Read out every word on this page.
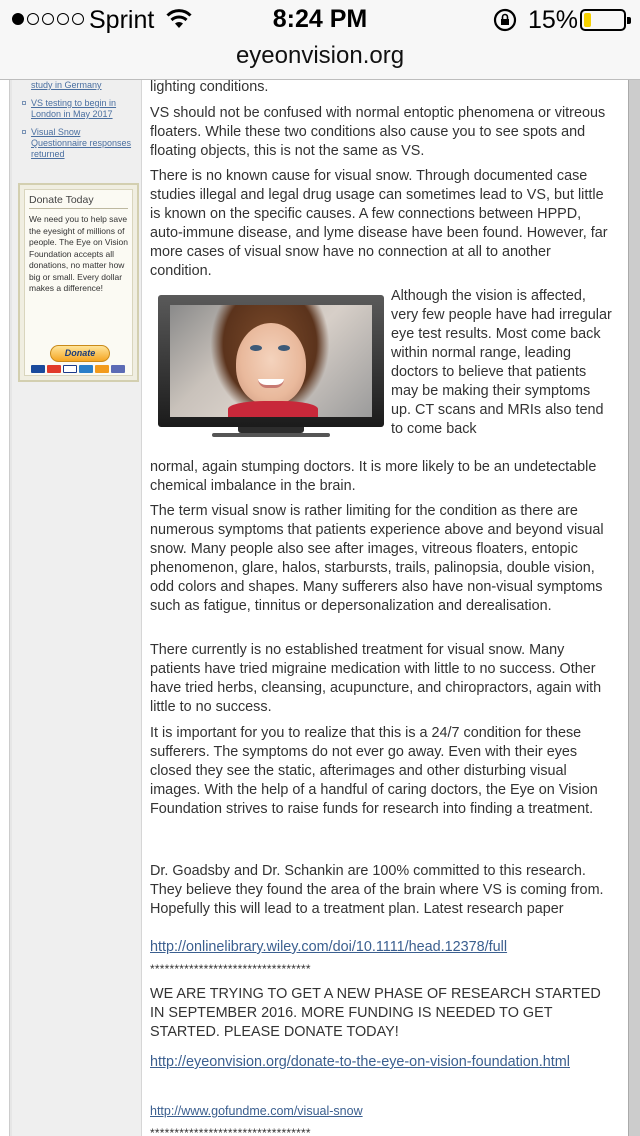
Sprint	8:24 PM	15%
eyeonvision.org
study in Germany
VS testing to begin in London in May 2017
Visual Snow Questionnaire responses returned
Donate Today
We need you to help save the eyesight of millions of people. The Eye on Vision Foundation accepts all donations, no matter how big or small. Every dollar makes a difference!
Donate
lighting conditions.
VS should not be confused with normal entoptic phenomena or vitreous floaters. While these two conditions also cause you to see spots and floating objects, this is not the same as VS.
There is no known cause for visual snow. Through documented case studies illegal and legal drug usage can sometimes lead to VS, but little is known on the specific causes. A few connections between HPPD, auto-immune disease, and lyme disease have been found. However, far more cases of visual snow have no connection at all to another condition.
Although the vision is affected, very few people have had irregular eye test results. Most come back within normal range, leading doctors to believe that patients may be making their symptoms up. CT scans and MRIs also tend to come back
normal, again stumping doctors. It is more likely to be an undetectable chemical imbalance in the brain.
The term visual snow is rather limiting for the condition as there are numerous symptoms that patients experience above and beyond visual snow. Many people also see after images, vitreous floaters, entopic phenomenon, glare, halos, starbursts, trails, palinopsia, double vision, odd colors and shapes. Many sufferers also have non-visual symptoms such as fatigue, tinnitus or depersonalization and derealisation.
There currently is no established treatment for visual snow. Many patients have tried migraine medication with little to no success. Other have tried herbs, cleansing, acupuncture, and chiropractors, again with little to no success.
It is important for you to realize that this is a 24/7 condition for these sufferers. The symptoms do not ever go away. Even with their eyes closed they see the static, afterimages and other disturbing visual images. With the help of a handful of caring doctors, the Eye on Vision Foundation strives to raise funds for research into finding a treatment.
Dr. Goadsby and Dr. Schankin are 100% committed to this research. They believe they found the area of the brain where VS is coming from. Hopefully this will lead to a treatment plan. Latest research paper
http://onlinelibrary.wiley.com/doi/10.1111/head.12378/full
*********************************
WE ARE TRYING TO GET A NEW PHASE OF RESEARCH STARTED IN SEPTEMBER 2016. MORE FUNDING IS NEEDED TO GET STARTED. PLEASE DONATE TODAY!
http://eyeonvision.org/donate-to-the-eye-on-vision-foundation.html
http://www.gofundme.com/visual-snow
*********************************
